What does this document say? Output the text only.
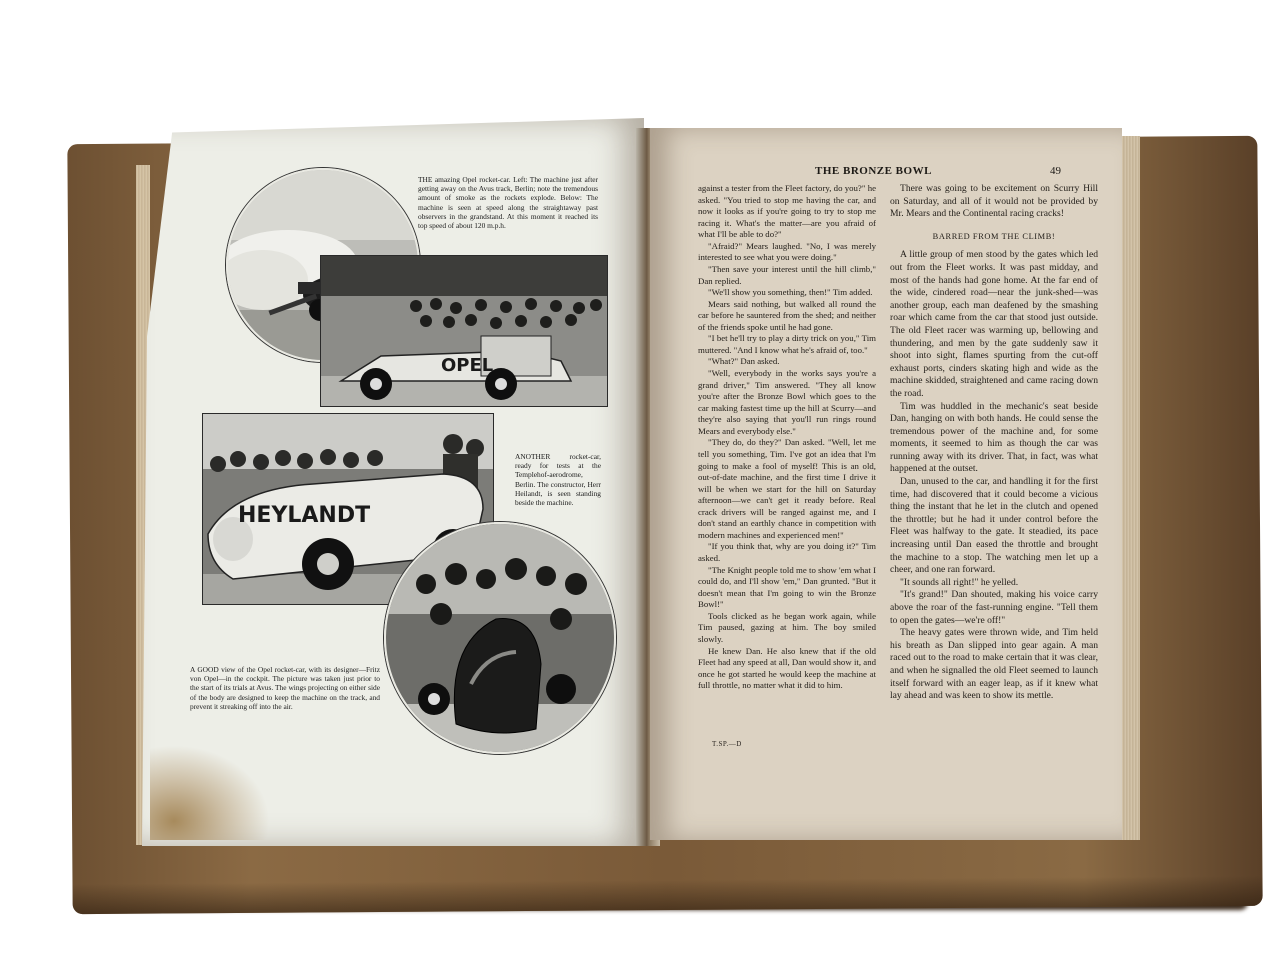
OPEL
THE amazing Opel rocket-car. Left: The machine just after getting away on the Avus track, Berlin; note the tremendous amount of smoke as the rockets explode. Below: The machine is seen at speed along the straightaway past observers in the grandstand. At this moment it reached its top speed of about 120 m.p.h.
HEYLANDT
ANOTHER rocket-car, ready for tests at the Templehof-aerodrome, Berlin. The constructor, Herr Heilandt, is seen standing beside the machine.
A GOOD view of the Opel rocket-car, with its designer—Fritz von Opel—in the cockpit. The picture was taken just prior to the start of its trials at Avus. The wings projecting on either side of the body are designed to keep the machine on the track, and prevent it streaking off into the air.
THE BRONZE BOWL	49

against a tester from the Fleet factory, do you?" he asked. "You tried to stop me having the car, and now it looks as if you're going to try to stop me racing it. What's the matter—are you afraid of what I'll be able to do?"

"Afraid?" Mears laughed. "No, I was merely interested to see what you were doing."

"Then save your interest until the hill climb," Dan replied.

"We'll show you something, then!" Tim added.

Mears said nothing, but walked all round the car before he sauntered from the shed; and neither of the friends spoke until he had gone.

"I bet he'll try to play a dirty trick on you," Tim muttered. "And I know what he's afraid of, too."

"What?" Dan asked.

"Well, everybody in the works says you're a grand driver," Tim answered. "They all know you're after the Bronze Bowl which goes to the car making fastest time up the hill at Scurry—and they're also saying that you'll run rings round Mears and everybody else."

"They do, do they?" Dan asked. "Well, let me tell you something, Tim. I've got an idea that I'm going to make a fool of myself! This is an old, out-of-date machine, and the first time I drive it will be when we start for the hill on Saturday afternoon—we can't get it ready before. Real crack drivers will be ranged against me, and I don't stand an earthly chance in competition with modern machines and experienced men!"

"If you think that, why are you doing it?" Tim asked.

"The Knight people told me to show 'em what I could do, and I'll show 'em," Dan grunted. "But it doesn't mean that I'm going to win the Bronze Bowl!"

Tools clicked as he began work again, while Tim paused, gazing at him. The boy smiled slowly.

He knew Dan. He also knew that if the old Fleet had any speed at all, Dan would show it, and once he got started he would keep the machine at full throttle, no matter what it did to him.

There was going to be excitement on Scurry Hill on Saturday, and all of it would not be provided by Mr. Mears and the Continental racing cracks!

BARRED FROM THE CLIMB!

A little group of men stood by the gates which led out from the Fleet works. It was past midday, and most of the hands had gone home. At the far end of the wide, cindered road—near the junk-shed—was another group, each man deafened by the smashing roar which came from the car that stood just outside. The old Fleet racer was warming up, bellowing and thundering, and men by the gate suddenly saw it shoot into sight, flames spurting from the cut-off exhaust ports, cinders skating high and wide as the machine skidded, straightened and came racing down the road.

Tim was huddled in the mechanic's seat beside Dan, hanging on with both hands. He could sense the tremendous power of the machine and, for some moments, it seemed to him as though the car was running away with its driver. That, in fact, was what happened at the outset.

Dan, unused to the car, and handling it for the first time, had discovered that it could become a vicious thing the instant that he let in the clutch and opened the throttle; but he had it under control before the Fleet was halfway to the gate. It steadied, its pace increasing until Dan eased the throttle and brought the machine to a stop. The watching men let up a cheer, and one ran forward.

"It sounds all right!" he yelled.

"It's grand!" Dan shouted, making his voice carry above the roar of the fast-running engine. "Tell them to open the gates—we're off!"

The heavy gates were thrown wide, and Tim held his breath as Dan slipped into gear again. A man raced out to the road to make certain that it was clear, and when he signalled the old Fleet seemed to launch itself forward with an eager leap, as if it knew what lay ahead and was keen to show its mettle.

T.SP.—D
